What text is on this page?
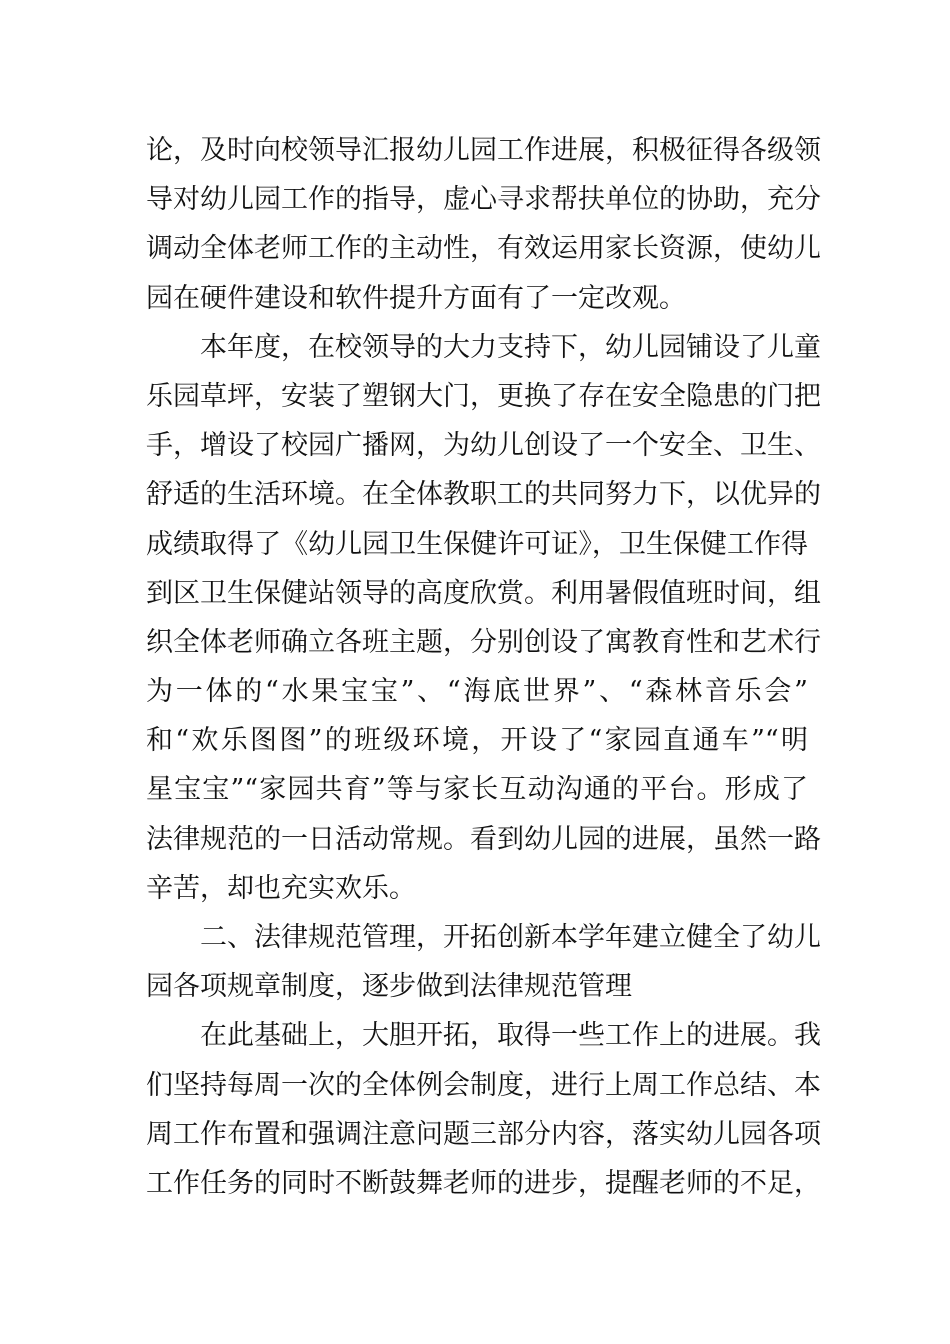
论，及时向校领导汇报幼儿园工作进展，积极征得各级领
导对幼儿园工作的指导，虚心寻求帮扶单位的协助，充分
调动全体老师工作的主动性，有效运用家长资源，使幼儿
园在硬件建设和软件提升方面有了一定改观。
本年度，在校领导的大力支持下，幼儿园铺设了儿童
乐园草坪，安装了塑钢大门，更换了存在安全隐患的门把
手，增设了校园广播网，为幼儿创设了一个安全、卫生、
舒适的生活环境。在全体教职工的共同努力下，以优异的
成绩取得了《幼儿园卫生保健许可证》，卫生保健工作得
到区卫生保健站领导的高度欣赏。利用暑假值班时间，组
织全体老师确立各班主题，分别创设了寓教育性和艺术行
为一体的“水果宝宝”、“海底世界”、“森林音乐会”
和“欢乐图图”的班级环境，开设了“家园直通车”“明
星宝宝”“家园共育”等与家长互动沟通的平台。形成了
法律规范的一日活动常规。看到幼儿园的进展，虽然一路
辛苦，却也充实欢乐。
二、法律规范管理，开拓创新本学年建立健全了幼儿
园各项规章制度，逐步做到法律规范管理
在此基础上，大胆开拓，取得一些工作上的进展。我
们坚持每周一次的全体例会制度，进行上周工作总结、本
周工作布置和强调注意问题三部分内容，落实幼儿园各项
工作任务的同时不断鼓舞老师的进步，提醒老师的不足，
